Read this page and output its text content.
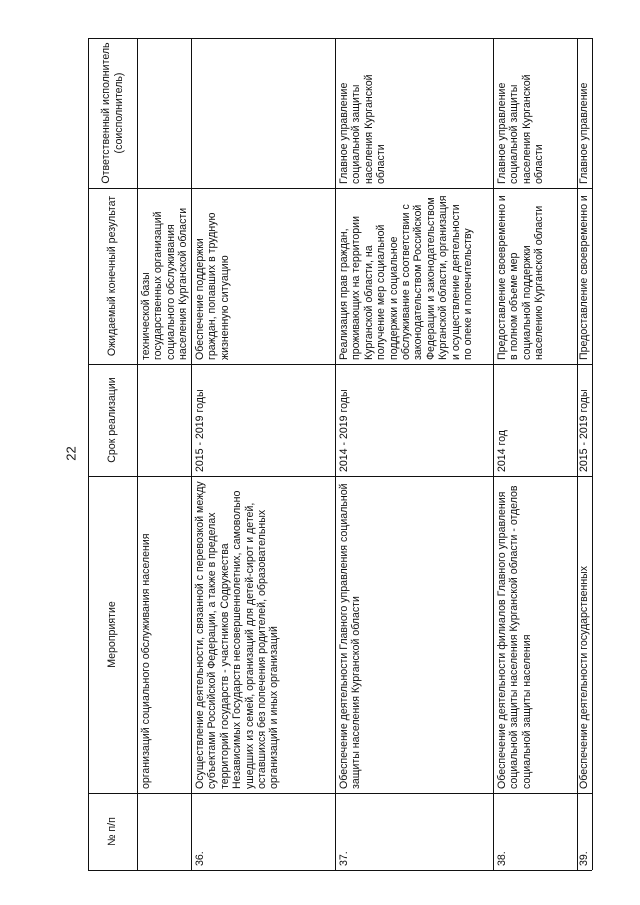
22
№ п/п
Мероприятие
Срок реализации
Ожидаемый конечный результат
Ответственный исполнитель (соисполнитель)
организаций социального обслуживания населения
технической базы государственных организаций социального обслуживания населения Курганской области
36.
Осуществление деятельности, связанной с перевозкой между субъектами Российской Федерации, а также в пределах территорий государств - участников Содружества Независимых Государств несовершеннолетних, самовольно ушедших из семей, организаций для детей-сирот и детей, оставшихся без попечения родителей, образовательных организаций и иных организаций
2015 - 2019 годы
Обеспечение поддержки граждан, попавших в трудную жизненную ситуацию
37.
Обеспечение деятельности Главного управления социальной защиты населения Курганской области
2014 - 2019 годы
Реализация прав граждан, проживающих на территории Курганской области, на получение мер социальной поддержки и социальное обслуживание в соответствии с законодательством Российской Федерации и законодательством Курганской области, организация и осуществление деятельности по опеке и попечительству
Главное управление социальной защиты населения Курганской области
38.
Обеспечение деятельности филиалов Главного управления социальной защиты населения Курганской области - отделов социальной защиты населения
2014 год
Предоставление своевременно и в полном объеме мер социальной поддержки населению Курганской области
Главное управление социальной защиты населения Курганской области
39.
Обеспечение деятельности государственных
2015 - 2019 годы
Предоставление своевременно и
Главное управление
